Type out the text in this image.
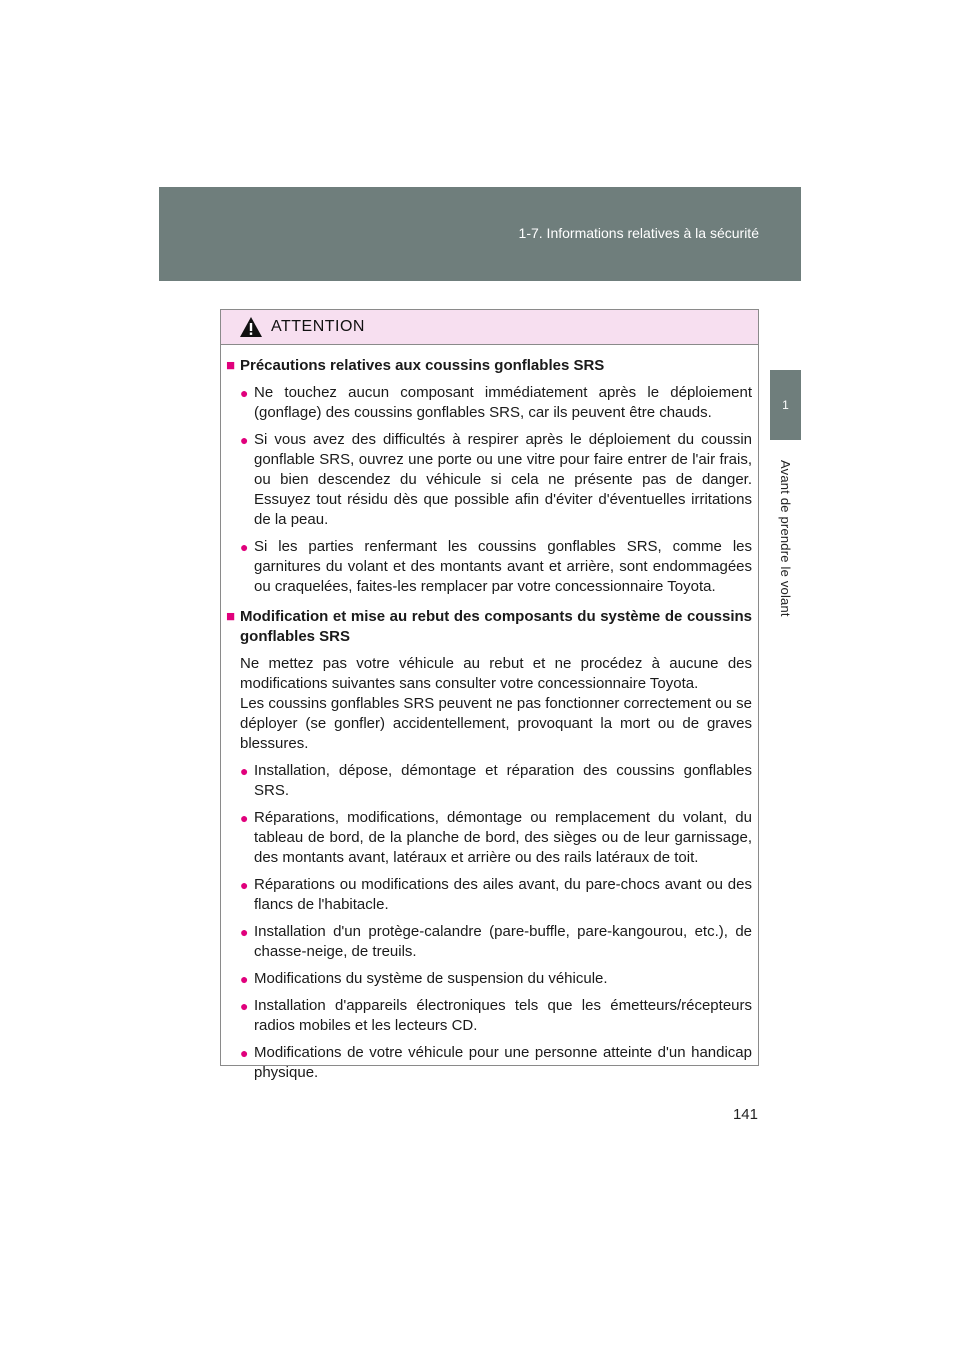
1-7. Informations relatives à la sécurité
1
Avant de prendre le volant
ATTENTION
■ Précautions relatives aux coussins gonflables SRS
● Ne touchez aucun composant immédiatement après le déploiement (gonflage) des coussins gonflables SRS, car ils peuvent être chauds.
● Si vous avez des difficultés à respirer après le déploiement du coussin gonflable SRS, ouvrez une porte ou une vitre pour faire entrer de l'air frais, ou bien descendez du véhicule si cela ne présente pas de danger. Essuyez tout résidu dès que possible afin d'éviter d'éventuelles irritations de la peau.
● Si les parties renfermant les coussins gonflables SRS, comme les garnitures du volant et des montants avant et arrière, sont endommagées ou craquelées, faites-les remplacer par votre concessionnaire Toyota.
■ Modification et mise au rebut des composants du système de coussins gonflables SRS
Ne mettez pas votre véhicule au rebut et ne procédez à aucune des modifications suivantes sans consulter votre concessionnaire Toyota.
Les coussins gonflables SRS peuvent ne pas fonctionner correctement ou se déployer (se gonfler) accidentellement, provoquant la mort ou de graves blessures.
● Installation, dépose, démontage et réparation des coussins gonflables SRS.
● Réparations, modifications, démontage ou remplacement du volant, du tableau de bord, de la planche de bord, des sièges ou de leur garnissage, des montants avant, latéraux et arrière ou des rails latéraux de toit.
● Réparations ou modifications des ailes avant, du pare-chocs avant ou des flancs de l'habitacle.
● Installation d'un protège-calandre (pare-buffle, pare-kangourou, etc.), de chasse-neige, de treuils.
● Modifications du système de suspension du véhicule.
● Installation d'appareils électroniques tels que les émetteurs/récepteurs radios mobiles et les lecteurs CD.
● Modifications de votre véhicule pour une personne atteinte d'un handicap physique.
141
